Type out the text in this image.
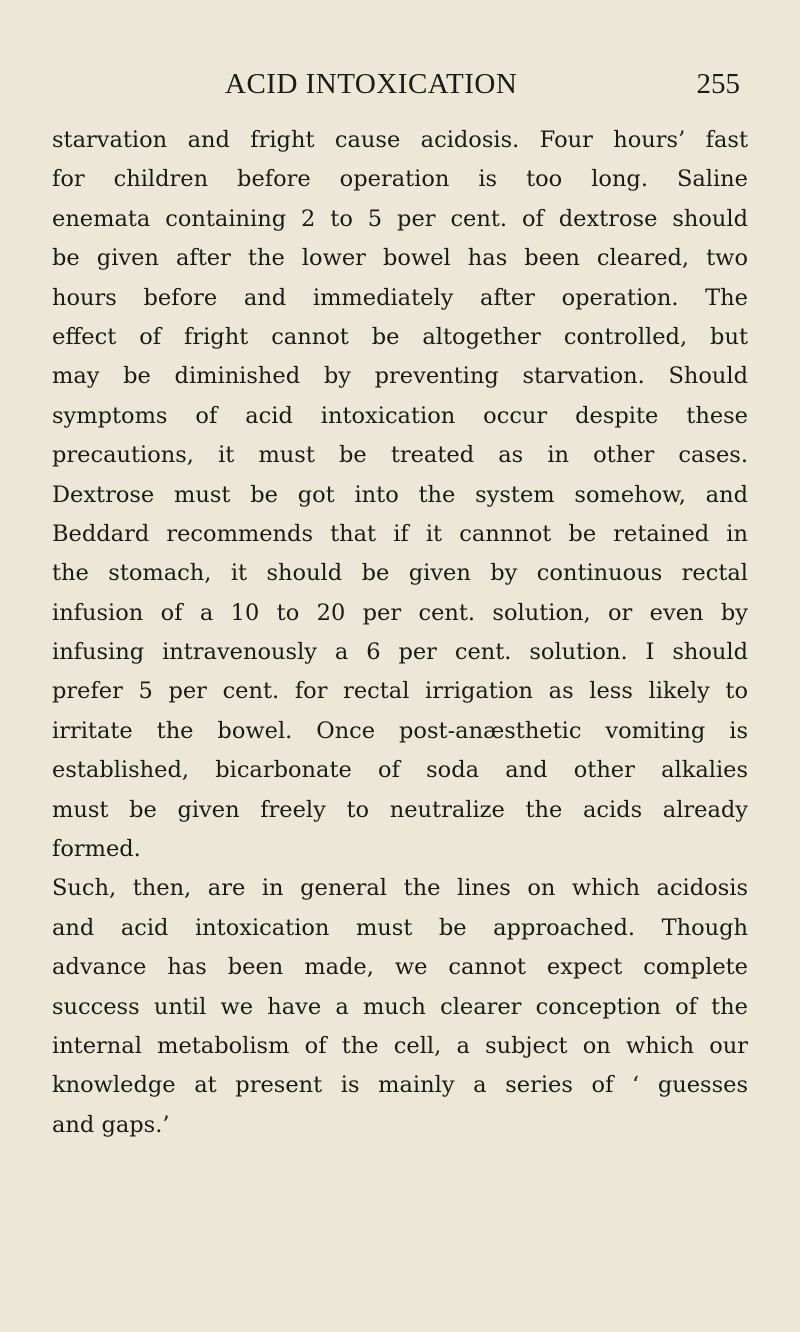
ACID INTOXICATION	255
starvation and fright cause acidosis. Four hours’ fast
for children before operation is too long. Saline
enemata containing 2 to 5 per cent. of dextrose should
be given after the lower bowel has been cleared, two
hours before and immediately after operation. The
effect of fright cannot be altogether controlled, but
may be diminished by preventing starvation. Should
symptoms of acid intoxication occur despite these
precautions, it must be treated as in other cases.
Dextrose must be got into the system somehow, and
Beddard recommends that if it cannnot be retained in
the stomach, it should be given by continuous rectal
infusion of a 10 to 20 per cent. solution, or even by
infusing intravenously a 6 per cent. solution. I should
prefer 5 per cent. for rectal irrigation as less likely to
irritate the bowel. Once post-anæsthetic vomiting is
established, bicarbonate of soda and other alkalies
must be given freely to neutralize the acids already
formed.
Such, then, are in general the lines on which acidosis
and acid intoxication must be approached. Though
advance has been made, we cannot expect complete
success until we have a much clearer conception of the
internal metabolism of the cell, a subject on which our
knowledge at present is mainly a series of ‘ guesses
and gaps.’
